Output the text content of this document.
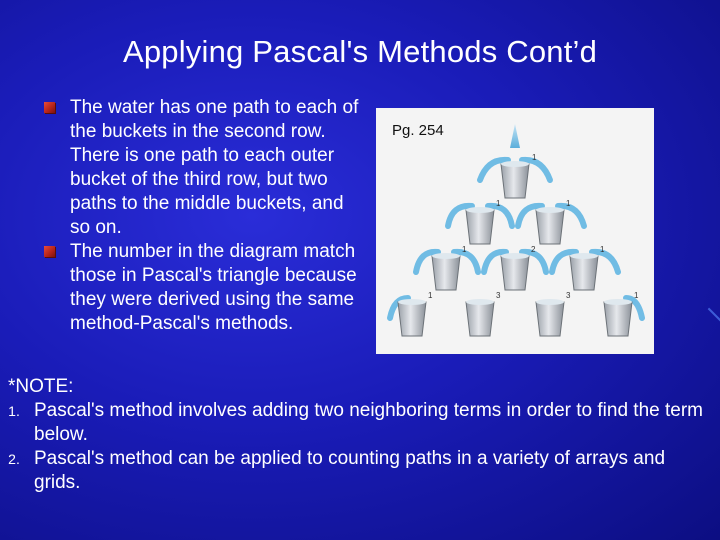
Applying Pascal's Methods Cont’d
The water has one path to each of the buckets in the second row. There is one path to each outer bucket of the third row, but two paths to the middle buckets, and so on.
The number in the diagram match those in Pascal's triangle because they were derived using the same method-Pascal's methods.
Pg. 254
1
1	1
1	2	1
1	3	3	1
*NOTE:
1. Pascal's method involves adding two neighboring terms in order to find the term below.
2. Pascal's method can be applied to counting paths in a variety of arrays and grids.
